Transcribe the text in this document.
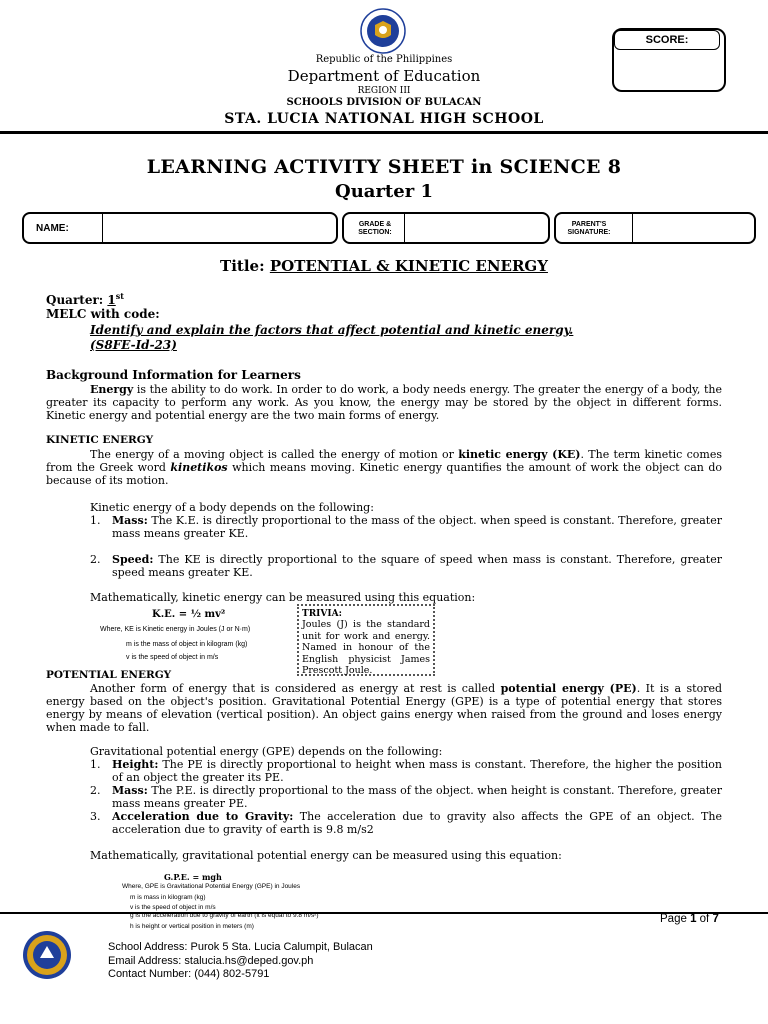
SCORE:
Republic of the Philippines
Department of Education
REGION III
SCHOOLS DIVISION OF BULACAN
STA. LUCIA NATIONAL HIGH SCHOOL
LEARNING ACTIVITY SHEET in SCIENCE 8
Quarter 1
NAME:	GRADE &
SECTION:
PARENT'S
SIGNATURE:
Title: POTENTIAL & KINETIC ENERGY
Quarter: 1st
MELC with code:
Identify and explain the factors that affect potential and kinetic energy.
(S8FE-Id-23)
Background Information for Learners

Energy is the ability to do work. In order to do work, a body needs energy. The greater the energy of a body, the greater its capacity to perform any work. As you know, the energy may be stored by the object in different forms. Kinetic energy and potential energy are the two main forms of energy.

KINETIC ENERGY

The energy of a moving object is called the energy of motion or kinetic energy (KE). The term kinetic comes from the Greek word kinetikos which means moving. Kinetic energy quantifies the amount of work the object can do because of its motion.

Kinetic energy of a body depends on the following:
1. Mass: The K.E. is directly proportional to the mass of the object. when speed is constant. Therefore, greater mass means greater KE.
2. Speed: The KE is directly proportional to the square of speed when mass is constant. Therefore, greater speed means greater KE.
Mathematically, kinetic energy can be measured using this equation:
K.E. = ½ mv²
Where, KE is Kinetic energy in Joules (J or N·m)
m is the mass of object in kilogram (kg)
v is the speed of object in m/s
TRIVIA:
Joules (J) is the standard unit for work and energy. Named in honour of the English physicist James Prescott Joule.
POTENTIAL ENERGY

Another form of energy that is considered as energy at rest is called potential energy (PE). It is a stored energy based on the object's position. Gravitational Potential Energy (GPE) is a type of potential energy that stores energy by means of elevation (vertical position). An object gains energy when raised from the ground and loses energy when made to fall.

Gravitational potential energy (GPE) depends on the following:
1. Height: The PE is directly proportional to height when mass is constant. Therefore, the higher the position of an object the greater its PE.
2. Mass: The P.E. is directly proportional to the mass of the object. when height is constant. Therefore, greater mass means greater PE.
3. Acceleration due to Gravity: The acceleration due to gravity also affects the GPE of an object. The acceleration due to gravity of earth is 9.8 m/s2
Mathematically, gravitational potential energy can be measured using this equation:
G.P.E. = mgh
Where, GPE is Gravitational Potential Energy (GPE) in Joules
m is mass in kilogram (kg)
v is the speed of object in m/s
g is the acceleration due to gravity of earth (it is equal to 9.8 m/s²)
h is height or vertical position in meters (m)
Page 1 of 7
School Address: Purok 5 Sta. Lucia Calumpit, Bulacan
Email Address: stalucia.hs@deped.gov.ph
Contact Number: (044) 802-5791
